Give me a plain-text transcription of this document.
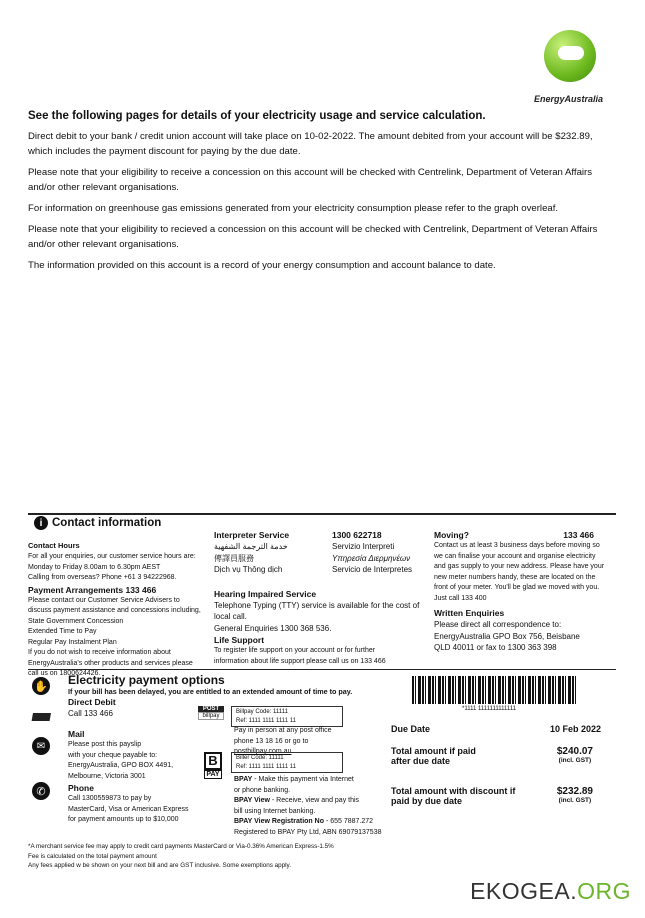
EnergyAustralia
See the following pages for details of your electricity usage and service calculation.

Direct debit to your bank / credit union account will take place on 10-02-2022. The amount debited from your account will be $232.89, which includes the payment discount for paying by the due date.

Please note that your eligibility to receive a concession on this account will be checked with Centrelink, Department of Veteran Affairs and/or other relevant organisations.

For information on greenhouse gas emissions generated from your electricity consumption please refer to the graph overleaf.

Please note that your eligibility to recieved a concession on this account will be checked with Centrelink, Department of Veteran Affairs and/or other relevant organisations.

The information provided on this account is a record of your energy consumption and account balance to date.

i Contact information
Contact Hours
For all your enquiries, our customer service hours are:
Monday to Friday 8.00am to 6.30pm AEST
Calling from overseas? Phone +61 3 94222968.
Payment Arrangements 133 466
Please contact our Customer Service Advisers to
discuss payment assistance and concessions including,
State Government Concession
Extended Time to Pay
Regular Pay Instalment Plan
If you do not wish to receive information about
EnergyAustralia's other products and services please
call us on 1800624426.
Interpreter Service	1300 622718
خدمة الترجمة الشفهية
傳譯員服務
Dịch vụ Thông dịch
Servizio Interpreti
Υπηρεσία Διερμηνέων
Servicio de Interpretes
Hearing Impaired Service
Telephone Typing (TTY) service is available for the cost of local call.
General Enquiries 1300 368 536.
Life Support
To register life support on your account or for further
information about life support please call us on 133 466
Moving?	133 466
Contact us at least 3 business days before moving so
we can finalise your account and organise electricity
and gas supply to your new address. Please have your
new meter numbers handy, these are located on the
front of your meter. You'll be glad we moved with you.
Just call 133 400
Written Enquiries
Please direct all correspondence to:
EnergyAustralia GPO Box 756, Beisbane
QLD 40011 or fax to 1300 363 398
✋ Electricity payment options
If your bill has been delayed, you are entitled to an extended amount of time to pay.
Direct Debit
Call 133 466
✉
Mail
Please post this payslip
with your cheque payable to:
EnergyAustralia, GPO BOX 4491,
Melbourne, Victoria 3001
Phone
Call 1300559873 to pay by
MasterCard, Visa or American Express
for payment amounts up to $10,000
✆
POST
billpay
Billpay Code: 11111
Ref: 1111 1111 1111 11
Pay in person at any post office
phone 13 18 16 or go to
postbillpay.com.au
B
PAY
Biller Code: 11111
Ref: 1111 1111 1111 11
BPAY - Make this payment via Internet
or phone banking.
BPAY View - Receive, view and pay this
bill using Internet banking.
BPAY View Registration No - 655 7887.272
Registered to BPAY Pty Ltd, ABN 69079137538
*1111 1111111111111
Due Date	10 Feb 2022
Total amount if paid
after due date
$240.07
(incl. GST)
Total amount with discount if
paid by due date
$232.89
(incl. GST)
*A merchant service fee may apply to credit card payments MasterCard or Via-0.36% American Express-1.5%
Fee is calculated on the total payment amount
Any fees applied w be shown on your next bill and are GST inclusive. Some exemptions apply.
EKOGEA.ORG
